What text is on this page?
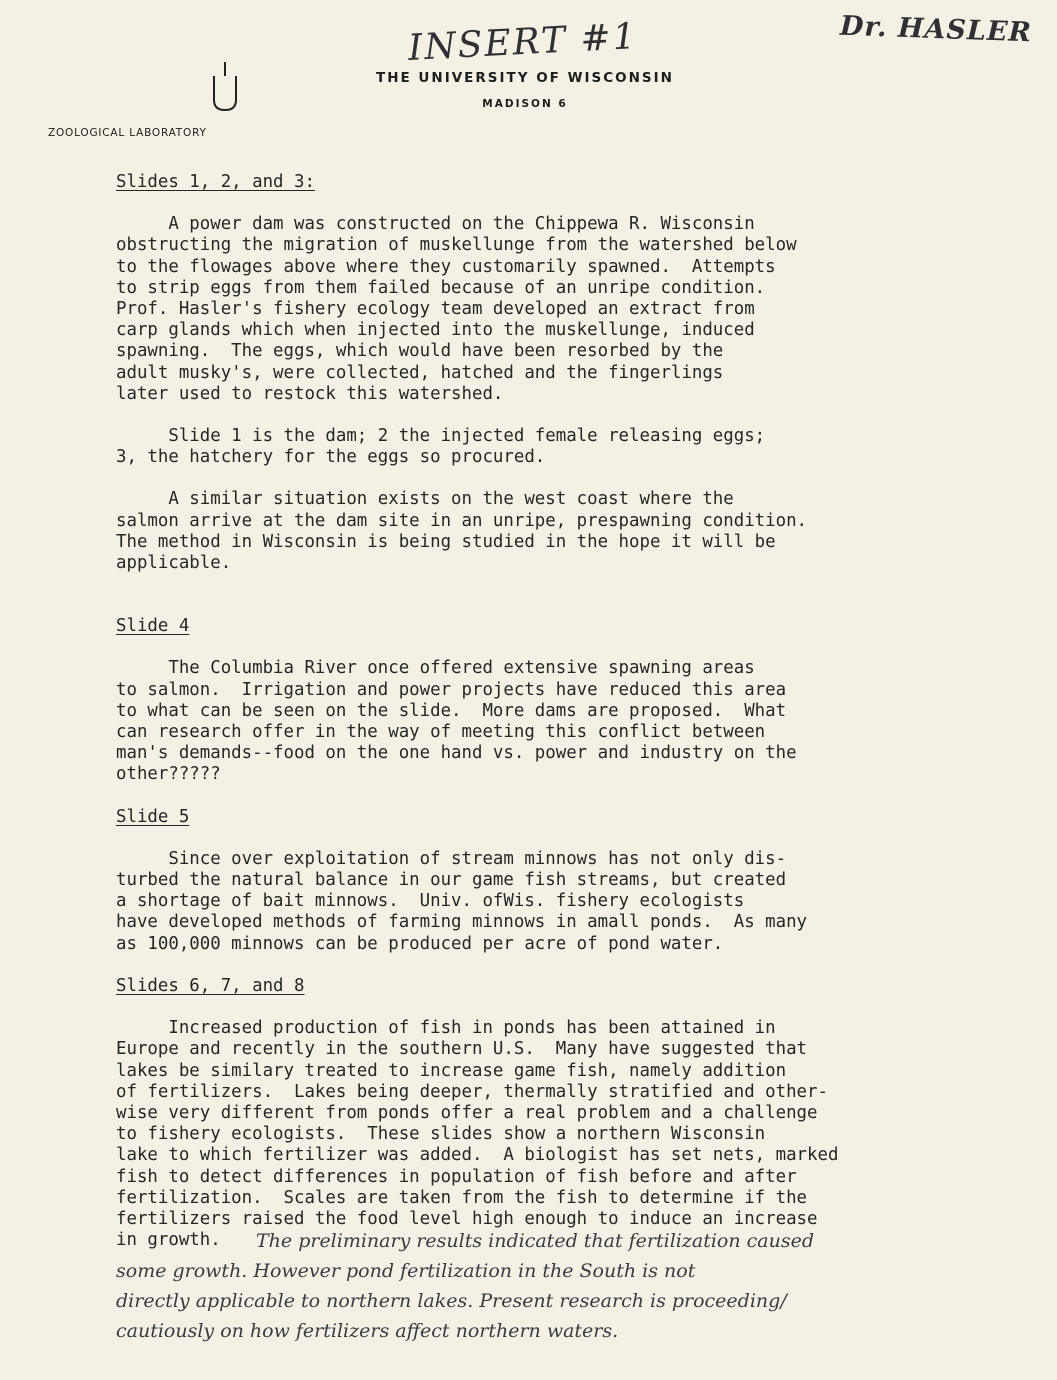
INSERT #1	Dr. HASLER
THE UNIVERSITY OF WISCONSIN
MADISON 6
ZOOLOGICAL LABORATORY
Slides 1, 2, and 3:
A power dam was constructed on the Chippewa R. Wisconsin
obstructing the migration of muskellunge from the watershed below
to the flowages above where they customarily spawned.  Attempts
to strip eggs from them failed because of an unripe condition.
Prof. Hasler's fishery ecology team developed an extract from
carp glands which when injected into the muskellunge, induced
spawning.  The eggs, which would have been resorbed by the
adult musky's, were collected, hatched and the fingerlings
later used to restock this watershed.
Slide 1 is the dam; 2 the injected female releasing eggs;
3, the hatchery for the eggs so procured.
A similar situation exists on the west coast where the
salmon arrive at the dam site in an unripe, prespawning condition.
The method in Wisconsin is being studied in the hope it will be
applicable.
Slide 4
The Columbia River once offered extensive spawning areas
to salmon.  Irrigation and power projects have reduced this area
to what can be seen on the slide.  More dams are proposed.  What
can research offer in the way of meeting this conflict between
man's demands--food on the one hand vs. power and industry on the
other?????
Slide 5
Since over exploitation of stream minnows has not only dis-
turbed the natural balance in our game fish streams, but created
a shortage of bait minnows.  Univ. ofWis. fishery ecologists
have developed methods of farming minnows in amall ponds.  As many
as 100,000 minnows can be produced per acre of pond water.
Slides 6, 7, and 8
Increased production of fish in ponds has been attained in
Europe and recently in the southern U.S.  Many have suggested that
lakes be similary treated to increase game fish, namely addition
of fertilizers.  Lakes being deeper, thermally stratified and other-
wise very different from ponds offer a real problem and a challenge
to fishery ecologists.  These slides show a northern Wisconsin
lake to which fertilizer was added.  A biologist has set nets, marked
fish to detect differences in population of fish before and after
fertilization.  Scales are taken from the fish to determine if the
fertilizers raised the food level high enough to induce an increase
in growth.	The preliminary results indicated that fertilization caused
some growth. However pond fertilization in the South is not
directly applicable to northern lakes. Present research is proceeding/
cautiously on how fertilizers affect northern waters.
